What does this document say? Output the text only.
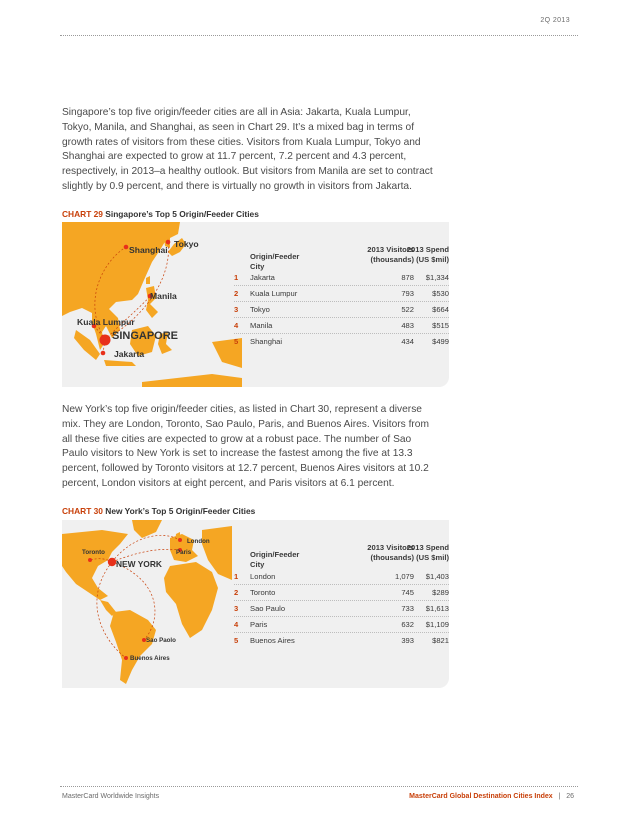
2Q 2013

Singapore’s top five origin/feeder cities are all in Asia: Jakarta, Kuala Lumpur, Tokyo, Manila, and Shanghai, as seen in Chart 29. It’s a mixed bag in terms of growth rates of visitors from these cities. Visitors from Kuala Lumpur, Tokyo and Shanghai are expected to grow at 11.7 percent, 7.2 percent and 4.3 percent, respectively, in 2013–a healthy outlook. But visitors from Manila are set to contract slightly by 0.9 percent, and there is virtually no growth in visitors from Jakarta.

CHART 29 Singapore’s Top 5 Origin/Feeder Cities
Shanghai
Tokyo
Manila
Kuala Lumpur
SINGAPORE
Jakarta
Origin/Feeder City
2013 Visitors (thousands)
2013 Spend (US $mil)
1 Jakarta	878	$1,334
2 Kuala Lumpur	793	$530
3 Tokyo	522	$664
4 Manila	483	$515
5 Shanghai	434	$499

New York’s top five origin/feeder cities, as listed in Chart 30, represent a diverse mix. They are London, Toronto, Sao Paulo, Paris, and Buenos Aires. Visitors from all these five cities are expected to grow at a robust pace. The number of Sao Paulo visitors to New York is set to increase the fastest among the five at 13.3 percent, followed by Toronto visitors at 12.7 percent, Buenos Aires visitors at 10.2 percent, London visitors at eight percent, and Paris visitors at 6.1 percent.

CHART 30 New York’s Top 5 Origin/Feeder Cities
London
Toronto	Paris
NEW YORK
Sao Paolo
Buenos Aires
Origin/Feeder City
2013 Visitors (thousands)
2013 Spend (US $mil)
1 London	1,079	$1,403
2 Toronto	745	$289
3 Sao Paulo	733	$1,613
4 Paris	632	$1,109
5 Buenos Aires	393	$821
MasterCard Worldwide Insights	MasterCard Global Destination Cities Index | 26
